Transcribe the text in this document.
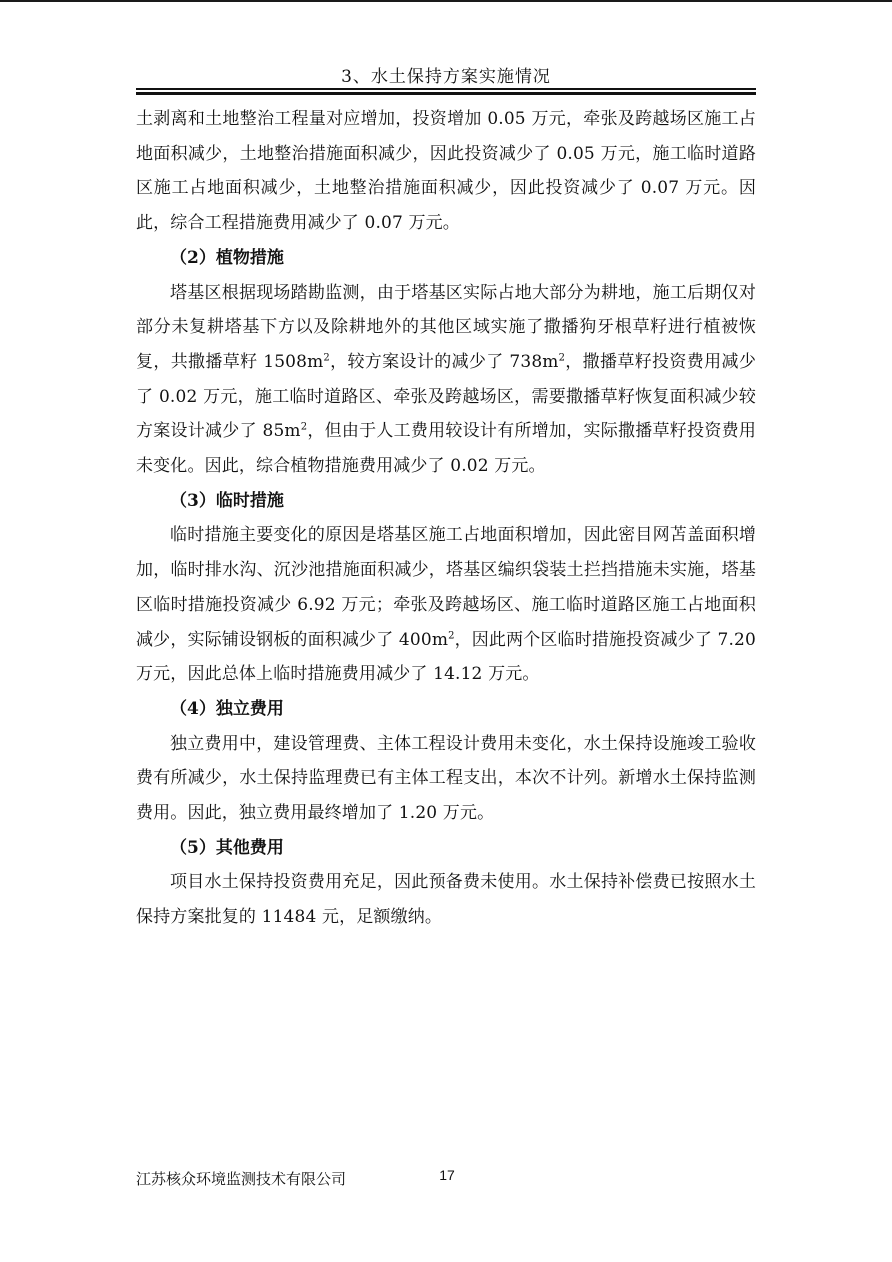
3、水土保持方案实施情况

土剥离和土地整治工程量对应增加，投资增加 0.05 万元，牵张及跨越场区施工占地面积减少，土地整治措施面积减少，因此投资减少了 0.05 万元，施工临时道路区施工占地面积减少，土地整治措施面积减少，因此投资减少了 0.07 万元。因此，综合工程措施费用减少了 0.07 万元。

（2）植物措施

塔基区根据现场踏勘监测，由于塔基区实际占地大部分为耕地，施工后期仅对部分未复耕塔基下方以及除耕地外的其他区域实施了撒播狗牙根草籽进行植被恢复，共撒播草籽 $1508m^2$，较方案设计的减少了 $738m^2$，撒播草籽投资费用减少了 0.02 万元，施工临时道路区、牵张及跨越场区，需要撒播草籽恢复面积减少较方案设计减少了 $85m^2$，但由于人工费用较设计有所增加，实际撒播草籽投资费用未变化。因此，综合植物措施费用减少了 0.02 万元。

（3）临时措施

临时措施主要变化的原因是塔基区施工占地面积增加，因此密目网苫盖面积增加，临时排水沟、沉沙池措施面积减少，塔基区编织袋装土拦挡措施未实施，塔基区临时措施投资减少 6.92 万元；牵张及跨越场区、施工临时道路区施工占地面积减少，实际铺设钢板的面积减少了 $400m^2$，因此两个区临时措施投资减少了 7.20 万元，因此总体上临时措施费用减少了 14.12 万元。

（4）独立费用

独立费用中，建设管理费、主体工程设计费用未变化，水土保持设施竣工验收费有所减少，水土保持监理费已有主体工程支出，本次不计列。新增水土保持监测费用。因此，独立费用最终增加了 1.20 万元。

（5）其他费用

项目水土保持投资费用充足，因此预备费未使用。水土保持补偿费已按照水土保持方案批复的 11484 元，足额缴纳。

江苏核众环境监测技术有限公司	17
